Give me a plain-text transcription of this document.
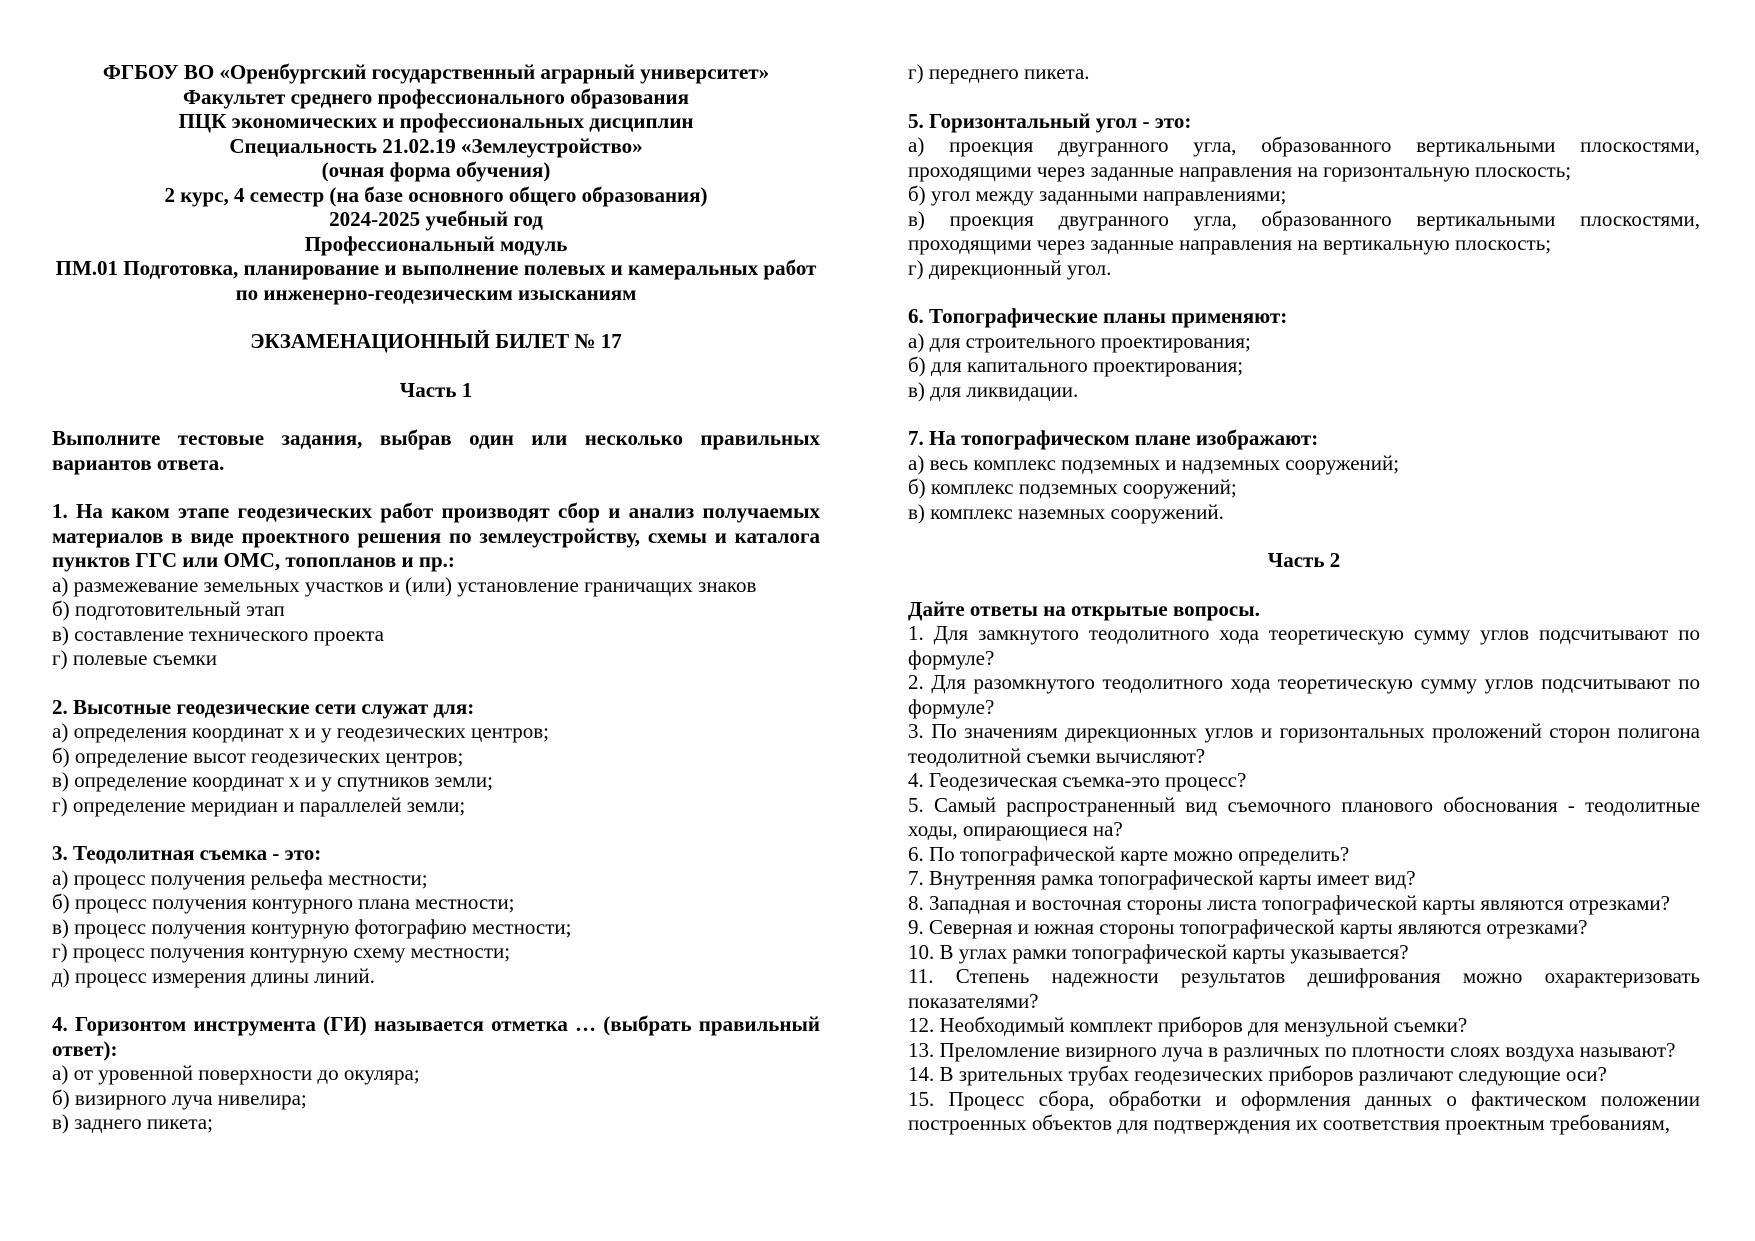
ФГБОУ ВО «Оренбургский государственный аграрный университет»
Факультет среднего профессионального образования
ПЦК экономических и профессиональных дисциплин
Специальность 21.02.19 «Землеустройство»
(очная форма обучения)
2 курс, 4 семестр (на базе основного общего образования)
2024-2025 учебный год
Профессиональный модуль
ПМ.01 Подготовка, планирование и выполнение полевых и камеральных работ по инженерно-геодезическим изысканиям
ЭКЗАМЕНАЦИОННЫЙ БИЛЕТ № 17
Часть 1

Выполните тестовые задания, выбрав один или несколько правильных вариантов ответа.

1. На каком этапе геодезических работ производят сбор и анализ получаемых материалов в виде проектного решения по землеустройству, схемы и каталога пунктов ГГС или ОМС, топопланов и пр.:
а) размежевание земельных участков и (или) установление граничащих знаков
б) подготовительный этап
в) составление технического проекта
г) полевые съемки
2. Высотные геодезические сети служат для:
а) определения координат х и у геодезических центров;
б) определение высот геодезических центров;
в) определение координат х и у спутников земли;
г) определение меридиан и параллелей земли;
3. Теодолитная съемка - это:
а) процесс получения рельефа местности;
б) процесс получения контурного плана местности;
в) процесс получения контурную фотографию местности;
г) процесс получения контурную схему местности;
д) процесс измерения длины линий.
4. Горизонтом инструмента (ГИ) называется отметка … (выбрать правильный ответ):
а) от уровенной поверхности до окуляра;
б) визирного луча нивелира;
в) заднего пикета;
г) переднего пикета.
5. Горизонтальный угол - это:
а) проекция двугранного угла, образованного вертикальными плоскостями, проходящими через заданные направления на горизонтальную плоскость;
б) угол между заданными направлениями;
в) проекция двугранного угла, образованного вертикальными плоскостями, проходящими через заданные направления на вертикальную плоскость;
г) дирекционный угол.
6. Топографические планы применяют:
а) для строительного проектирования;
б) для капитального проектирования;
в) для ликвидации.
7. На топографическом плане изображают:
а) весь комплекс подземных и надземных сооружений;
б) комплекс подземных сооружений;
в) комплекс наземных сооружений.
Часть 2
Дайте ответы на открытые вопросы.
1. Для замкнутого теодолитного хода теоретическую сумму углов подсчитывают по формуле?
2. Для разомкнутого теодолитного хода теоретическую сумму углов подсчитывают по формуле?
3. По значениям дирекционных углов и горизонтальных проложений сторон полигона теодолитной съемки вычисляют?
4. Геодезическая съемка-это процесс?
5. Самый распространенный вид съемочного планового обоснования - теодолитные ходы, опирающиеся на?
6. По топографической карте можно определить?
7. Внутренняя рамка топографической карты имеет вид?
8. Западная и восточная стороны листа топографической карты являются отрезками?
9. Северная и южная стороны топографической карты являются отрезками?
10. В углах рамки топографической карты указывается?
11. Степень надежности результатов дешифрования можно охарактеризовать показателями?
12. Необходимый комплект приборов для мензульной съемки?
13. Преломление визирного луча в различных по плотности слоях воздуха называют?
14. В зрительных трубах геодезических приборов различают следующие оси?
15. Процесс сбора, обработки и оформления данных о фактическом положении построенных объектов для подтверждения их соответствия проектным требованиям,
